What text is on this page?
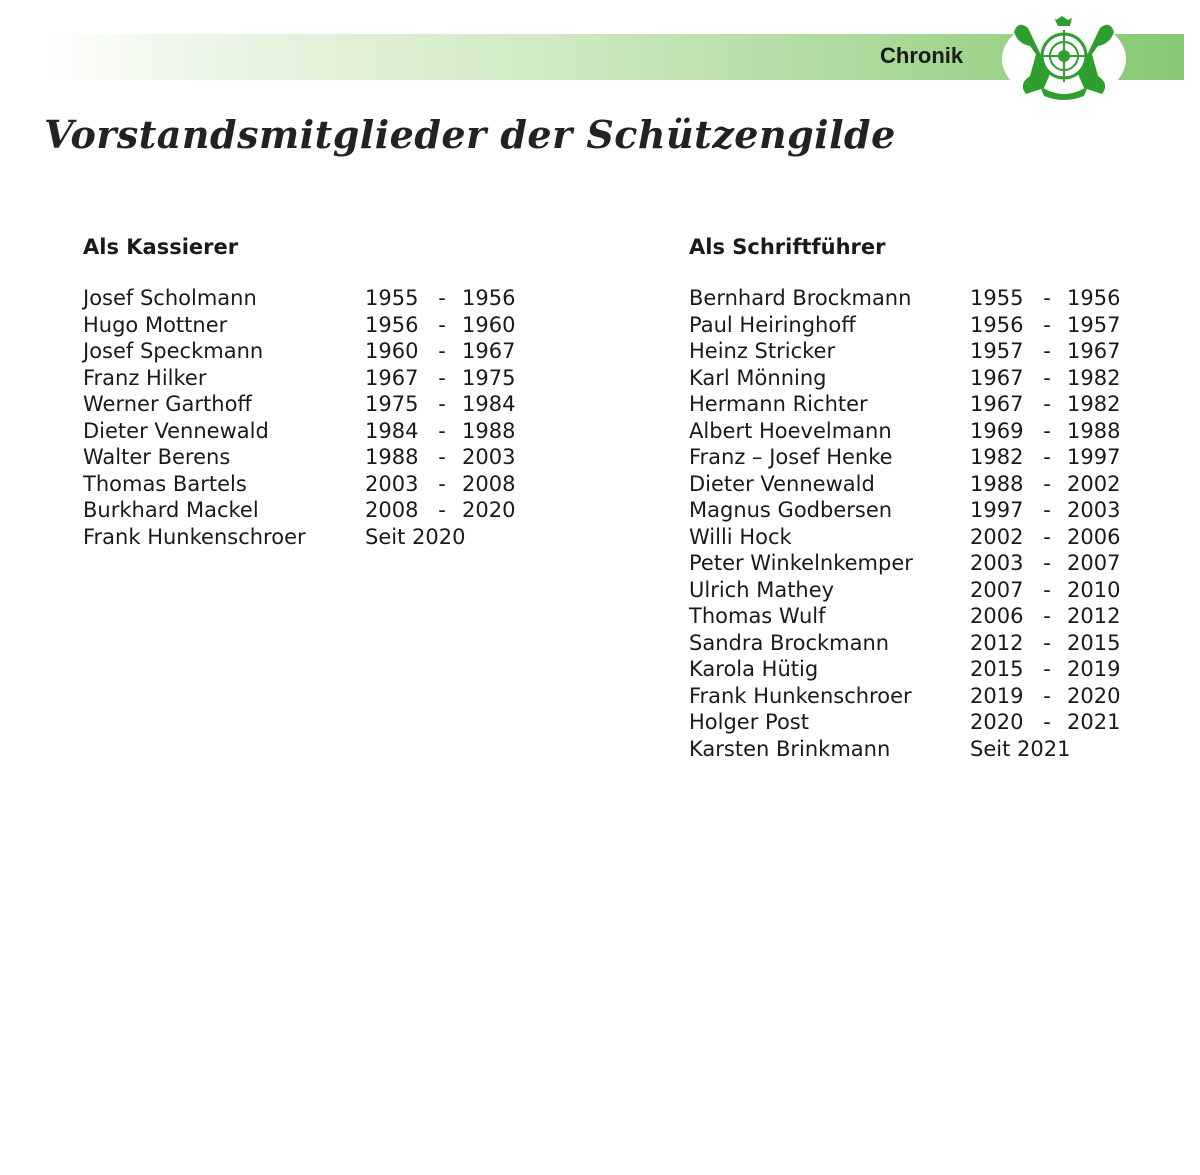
Chronik
Vorstandsmitglieder der Schützengilde
Als Kassierer
Josef Scholmann	1955 - 1956
Hugo Mottner	1956 - 1960
Josef Speckmann	1960 - 1967
Franz Hilker	1967 - 1975
Werner Garthoff	1975 - 1984
Dieter Vennewald	1984 - 1988
Walter Berens	1988 - 2003
Thomas Bartels	2003 - 2008
Burkhard Mackel	2008 - 2020
Frank Hunkenschroer	Seit 2020
Als Schriftführer
Bernhard Brockmann	1955 - 1956
Paul Heiringhoff	1956 - 1957
Heinz Stricker	1957 - 1967
Karl Mönning	1967 - 1982
Hermann Richter	1967 - 1982
Albert Hoevelmann	1969 - 1988
Franz – Josef Henke	1982 - 1997
Dieter Vennewald	1988 - 2002
Magnus Godbersen	1997 - 2003
Willi Hock	2002 - 2006
Peter Winkelnkemper	2003 - 2007
Ulrich Mathey	2007 - 2010
Thomas Wulf	2006 - 2012
Sandra Brockmann	2012 - 2015
Karola Hütig	2015 - 2019
Frank Hunkenschroer	2019 - 2020
Holger Post	2020 - 2021
Karsten Brinkmann	Seit 2021
